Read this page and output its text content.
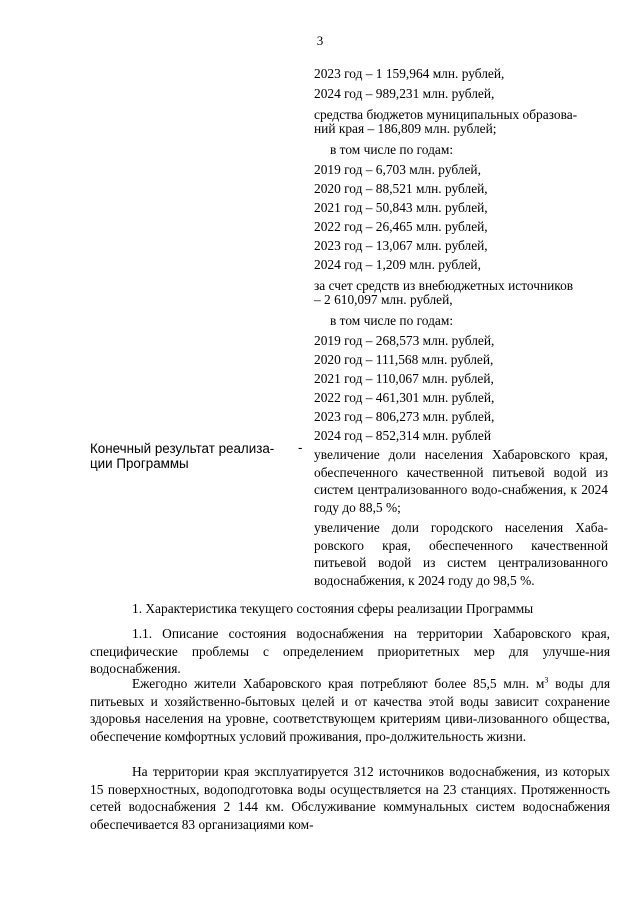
3
2023 год – 1 159,964 млн. рублей,
2024 год – 989,231 млн. рублей,
средства бюджетов муниципальных образова-
ний края – 186,809 млн. рублей;
в том числе по годам:
2019 год – 6,703 млн. рублей,
2020 год – 88,521 млн. рублей,
2021 год – 50,843 млн. рублей,
2022 год – 26,465 млн. рублей,
2023 год – 13,067 млн. рублей,
2024 год – 1,209 млн. рублей,
за счет средств из внебюджетных источников
– 2 610,097 млн. рублей,
в том числе по годам:
2019 год – 268,573 млн. рублей,
2020 год – 111,568 млн. рублей,
2021 год – 110,067 млн. рублей,
2022 год – 461,301 млн. рублей,
2023 год – 806,273 млн. рублей,
2024 год – 852,314 млн. рублей
Конечный результат реализа-
ции Программы
- увеличение доли населения Хабаровского края, обеспеченного качественной питьевой водой из систем централизованного водо-снабжения, к 2024 году до 88,5 %;
увеличение доли городского населения Хаба-ровского края, обеспеченного качественной питьевой водой из систем централизованного водоснабжения, к 2024 году до 98,5 %.
1. Характеристика текущего состояния сферы реализации Программы
1.1. Описание состояния водоснабжения на территории Хабаровского края, специфические проблемы с определением приоритетных мер для улучше-ния водоснабжения.
Ежегодно жители Хабаровского края потребляют более 85,5 млн. $м^3$ воды для питьевых и хозяйственно-бытовых целей и от качества этой воды зависит сохранение здоровья населения на уровне, соответствующем критериям циви-лизованного общества, обеспечение комфортных условий проживания, про-должительность жизни.
На территории края эксплуатируется 312 источников водоснабжения, из которых 15 поверхностных, водоподготовка воды осуществляется на 23 станциях. Протяженность сетей водоснабжения 2 144 км. Обслуживание коммунальных систем водоснабжения обеспечивается 83 организациями ком-
